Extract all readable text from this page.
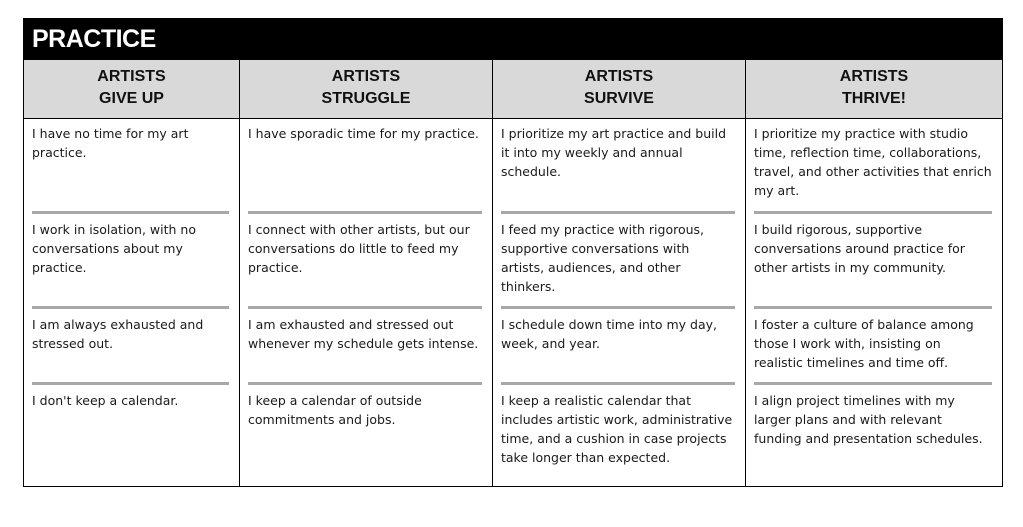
PRACTICE
ARTISTS
GIVE UP
ARTISTS
STRUGGLE
ARTISTS
SURVIVE
ARTISTS
THRIVE!
I have no time for my art practice.
I work in isolation, with no conversations about my practice.
I am always exhausted and stressed out.
I don't keep a calendar.
I have sporadic time for my practice.
I connect with other artists, but our conversations do little to feed my practice.
I am exhausted and stressed out whenever my schedule gets intense.
I keep a calendar of outside commitments and jobs.
I prioritize my art practice and build it into my weekly and annual schedule.
I feed my practice with rigorous, supportive conversations with artists, audiences, and other thinkers.
I schedule down time into my day, week, and year.
I keep a realistic calendar that includes artistic work, administrative time, and a cushion in case projects take longer than expected.
I prioritize my practice with studio time, reflection time, collaborations, travel, and other activities that enrich my art.
I build rigorous, supportive conversations around practice for other artists in my community.
I foster a culture of balance among those I work with, insisting on realistic timelines and time off.
I align project timelines with my larger plans and with relevant funding and presentation schedules.
